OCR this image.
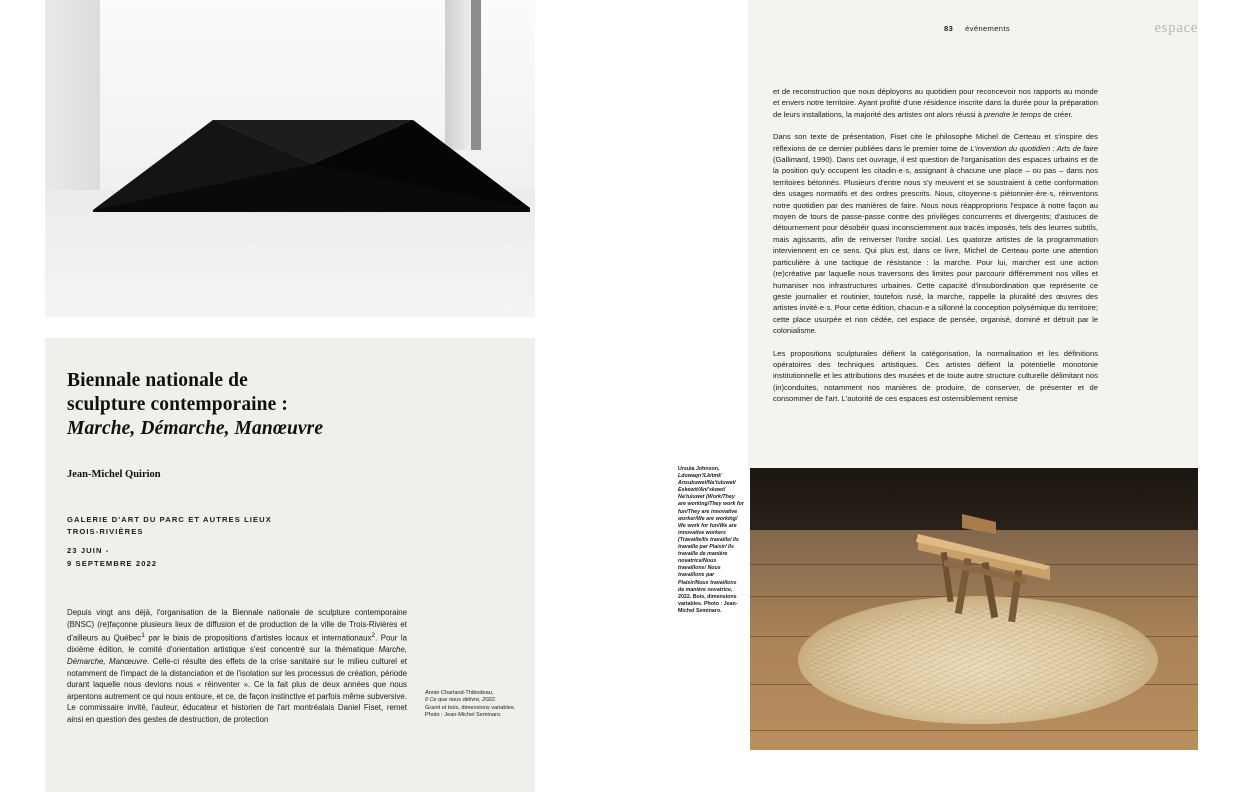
Biennale nationale de
sculpture contemporaine :
Marche, Démarche, Manœuvre
Jean-Michel Quirion
GALERIE D'ART DU PARC ET AUTRES LIEUX
TROIS-RIVIÈRES
23 JUIN -
9 SEPTEMBRE 2022
Depuis vingt ans déjà, l'organisation de la Biennale nationale de sculpture contemporaine (BNSC) (re)façonne plusieurs lieux de diffusion et de production de la ville de Trois-Rivières et d'ailleurs au Québec$^1$ par le biais de propositions d'artistes locaux et internationaux$^2$. Pour la dixième édition, le comité d'orientation artistique s'est concentré sur la thématique Marche, Démarche, Manœuvre. Celle-ci résulte des effets de la crise sanitaire sur le milieu culturel et notamment de l'impact de la distanciation et de l'isolation sur les processus de création, période durant laquelle nous devions nous « réinventer ». Ce la fait plus de deux années que nous arpentons autrement ce qui nous entoure, et ce, de façon instinctive et parfois même subversive. Le commissaire invité, l'auteur, éducateur et historien de l'art montréalais Daniel Fiset, remet ainsi en question des gestes de destruction, de protection
Annie Charland-Thibodeau,
Il Ce que nous délivre, 2022.
Granit et bois, dimensions variables.
Photo : Jean-Michel Seminaro.
83 événements	espace

et de reconstruction que nous déployons au quotidien pour reconcevoir nos rapports au monde et envers notre territoire. Ayant profité d'une résidence inscrite dans la durée pour la préparation de leurs installations, la majorité des artistes ont alors réussi à prendre le temps de créer.

Dans son texte de présentation, Fiset cite le philosophe Michel de Certeau et s'inspire des réflexions de ce dernier publiées dans le premier tome de L'invention du quotidien : Arts de faire (Gallimard, 1990). Dans cet ouvrage, il est question de l'organisation des espaces urbains et de la position qu'y occupent les citadin·e·s, assignant à chacune une place – ou pas – dans nos territoires bétonnés. Plusieurs d'entre nous s'y meuvent et se soustraient à cette conformation des usages normatifs et des ordres prescrits. Nous, citoyenne·s piétonnier·ère·s, réinventons notre quotidien par des manières de faire. Nous nous réapproprions l'espace à notre façon au moyen de tours de passe-passe contre des privilèges concurrents et divergents; d'astuces de détournement pour désobéir quasi inconsciemment aux tracés imposés, tels des leurres subtils, mais agissants, afin de renverser l'ordre social. Les quatorze artistes de la programmation interviennent en ce sens. Qui plus est, dans ce livre, Michel de Certeau porte une attention particulière à une tactique de résistance : la marche. Pour lui, marcher est une action (re)créative par laquelle nous traversons des limites pour parcourir différemment nos villes et humaniser nos infrastructures urbaines. Cette capacité d'insubordination que représente ce geste journalier et routinier, toutefois rusé, la marche, rappelle la pluralité des œuvres des artistes invité·e·s. Pour cette édition, chacun·e a sillonné la conception polysémique du territoire; cette place usurpée et non cédée, cet espace de pensée, organisé, dominé et détruit par le colonialisme.

Les propositions sculpturales défient la catégorisation, la normalisation et les définitions opératoires des techniques artistiques. Ces artistes défient la potentielle monotonie institutionnelle et les attributions des musées et de toute autre structure culturelle délimitant nos (in)conduites, notamment nos manières de produire, de conserver, de présenter et de consommer de l'art. L'autorité de ces espaces est ostensiblement remise

Ursula Johnson,
Lduwaqn'/Lkitmk' Ansukuwet/Na'tuluwet/ Eskewit/Ani'skwet/ Na'tuluwet (Work/They are working/They work for fun/They are innovative worker/We are working/ We work for fun/We are innovative workers (Travaille/Ils travaille/ Ils travaille par Plaisir/ Ils travaille de manière novatrice/Nous travaillons/ Nous travaillons par Plaisir/Nous travaillons de manière novatrice, 2022. Bois, dimensions variables. Photo : Jean-Michel Seminaro.
